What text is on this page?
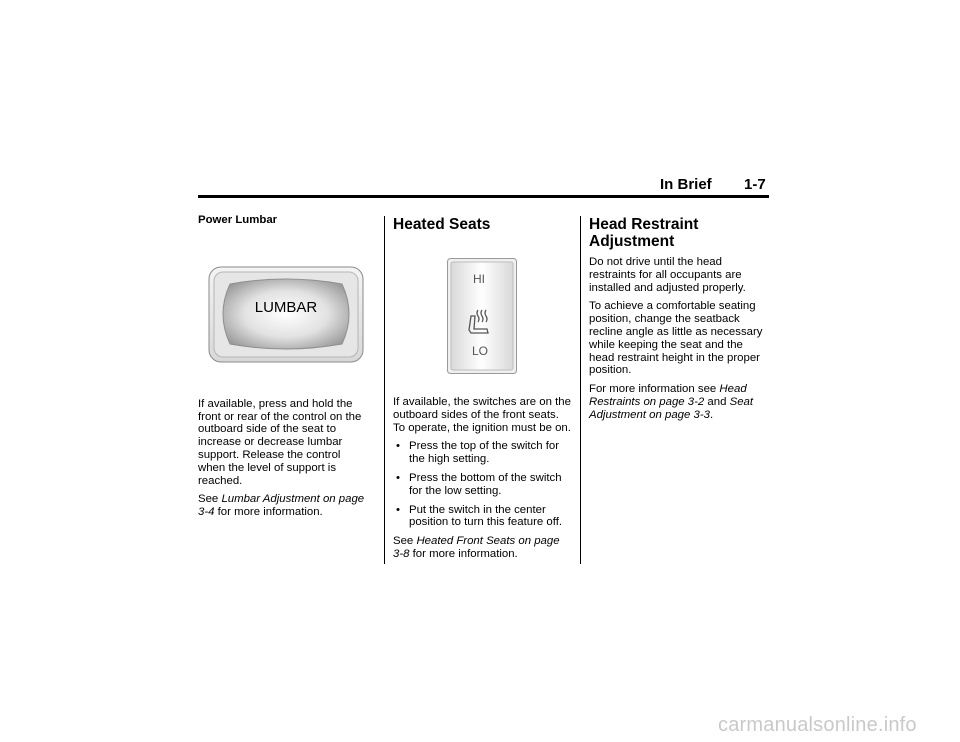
In Brief 1-7
Power Lumbar
LUMBAR

If available, press and hold the front or rear of the control on the outboard side of the seat to increase or decrease lumbar support. Release the control when the level of support is reached.

See Lumbar Adjustment on page 3-4 for more information.

Heated Seats
HI
LO

If available, the switches are on the outboard sides of the front seats. To operate, the ignition must be on.

• Press the top of the switch for the high setting.
• Press the bottom of the switch for the low setting.
• Put the switch in the center position to turn this feature off.

See Heated Front Seats on page 3-8 for more information.

Head Restraint Adjustment

Do not drive until the head restraints for all occupants are installed and adjusted properly.

To achieve a comfortable seating position, change the seatback recline angle as little as necessary while keeping the seat and the head restraint height in the proper position.

For more information see Head Restraints on page 3-2 and Seat Adjustment on page 3-3.

carmanualsonline.info
